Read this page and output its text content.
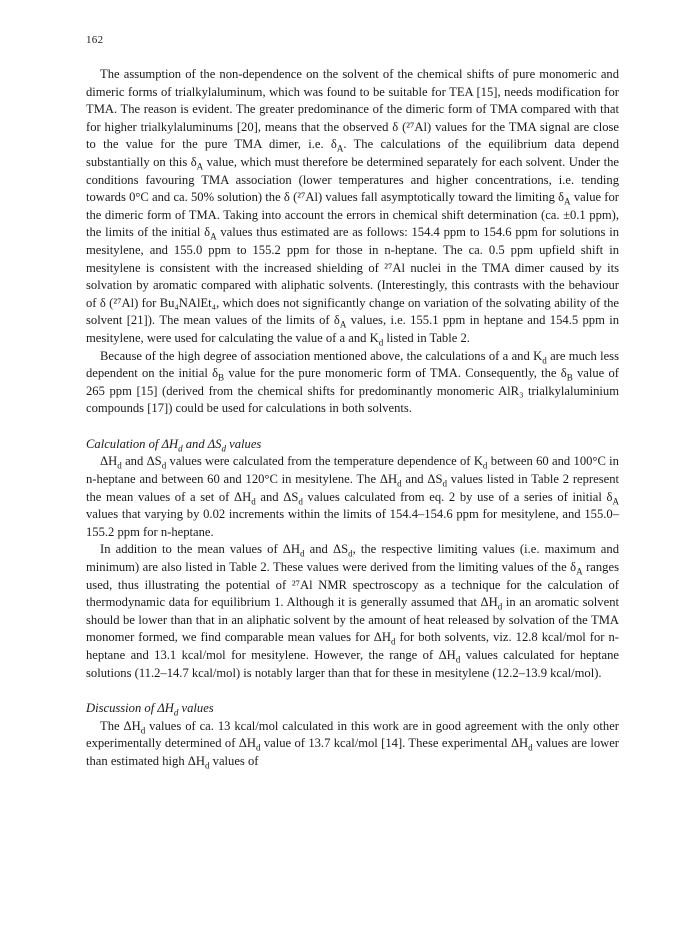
162

The assumption of the non-dependence on the solvent of the chemical shifts of pure monomeric and dimeric forms of trialkylaluminum, which was found to be suitable for TEA [15], needs modification for TMA. The reason is evident. The greater predominance of the dimeric form of TMA compared with that for higher trialkylaluminums [20], means that the observed δ (²⁷Al) values for the TMA signal are close to the value for the pure TMA dimer, i.e. $\delta_A$. The calculations of the equilibrium data depend substantially on this $\delta_A$ value, which must therefore be determined separately for each solvent. Under the conditions favouring TMA association (lower temperatures and higher concentrations, i.e. tending towards 0°C and ca. 50% solution) the δ (²⁷Al) values fall asymptotically toward the limiting $\delta_A$ value for the dimeric form of TMA. Taking into account the errors in chemical shift determination (ca. ±0.1 ppm), the limits of the initial $\delta_A$ values thus estimated are as follows: 154.4 ppm to 154.6 ppm for solutions in mesitylene, and 155.0 ppm to 155.2 ppm for those in n-heptane. The ca. 0.5 ppm upfield shift in mesitylene is consistent with the increased shielding of ²⁷Al nuclei in the TMA dimer caused by its solvation by aromatic compared with aliphatic solvents. (Interestingly, this contrasts with the behaviour of δ (²⁷Al) for Bu₄NAlEt₄, which does not significantly change on variation of the solvating ability of the solvent [21]). The mean values of the limits of $\delta_A$ values, i.e. 155.1 ppm in heptane and 154.5 ppm in mesitylene, were used for calculating the value of a and $K_d$ listed in Table 2.

Because of the high degree of association mentioned above, the calculations of a and $K_d$ are much less dependent on the initial $\delta_B$ value for the pure monomeric form of TMA. Consequently, the $\delta_B$ value of 265 ppm [15] (derived from the chemical shifts for predominantly monomeric AlR₃ trialkylaluminium compounds [17]) could be used for calculations in both solvents.

Calculation of $\Delta H_d$ and $\Delta S_d$ values

$\Delta H_d$ and $\Delta S_d$ values were calculated from the temperature dependence of $K_d$ between 60 and 100°C in n-heptane and between 60 and 120°C in mesitylene. The $\Delta H_d$ and $\Delta S_d$ values listed in Table 2 represent the mean values of a set of $\Delta H_d$ and $\Delta S_d$ values calculated from eq. 2 by use of a series of initial $\delta_A$ values that varying by 0.02 increments within the limits of 154.4–154.6 ppm for mesitylene, and 155.0–155.2 ppm for n-heptane.

In addition to the mean values of $\Delta H_d$ and $\Delta S_d$, the respective limiting values (i.e. maximum and minimum) are also listed in Table 2. These values were derived from the limiting values of the $\delta_A$ ranges used, thus illustrating the potential of ²⁷Al NMR spectroscopy as a technique for the calculation of thermodynamic data for equilibrium 1. Although it is generally assumed that $\Delta H_d$ in an aromatic solvent should be lower than that in an aliphatic solvent by the amount of heat released by solvation of the TMA monomer formed, we find comparable mean values for $\Delta H_d$ for both solvents, viz. 12.8 kcal/mol for n-heptane and 13.1 kcal/mol for mesitylene. However, the range of $\Delta H_d$ values calculated for heptane solutions (11.2–14.7 kcal/mol) is notably larger than that for these in mesitylene (12.2–13.9 kcal/mol).

Discussion of $\Delta H_d$ values

The $\Delta H_d$ values of ca. 13 kcal/mol calculated in this work are in good agreement with the only other experimentally determined of $\Delta H_d$ value of 13.7 kcal/mol [14]. These experimental $\Delta H_d$ values are lower than estimated high $\Delta H_d$ values of
